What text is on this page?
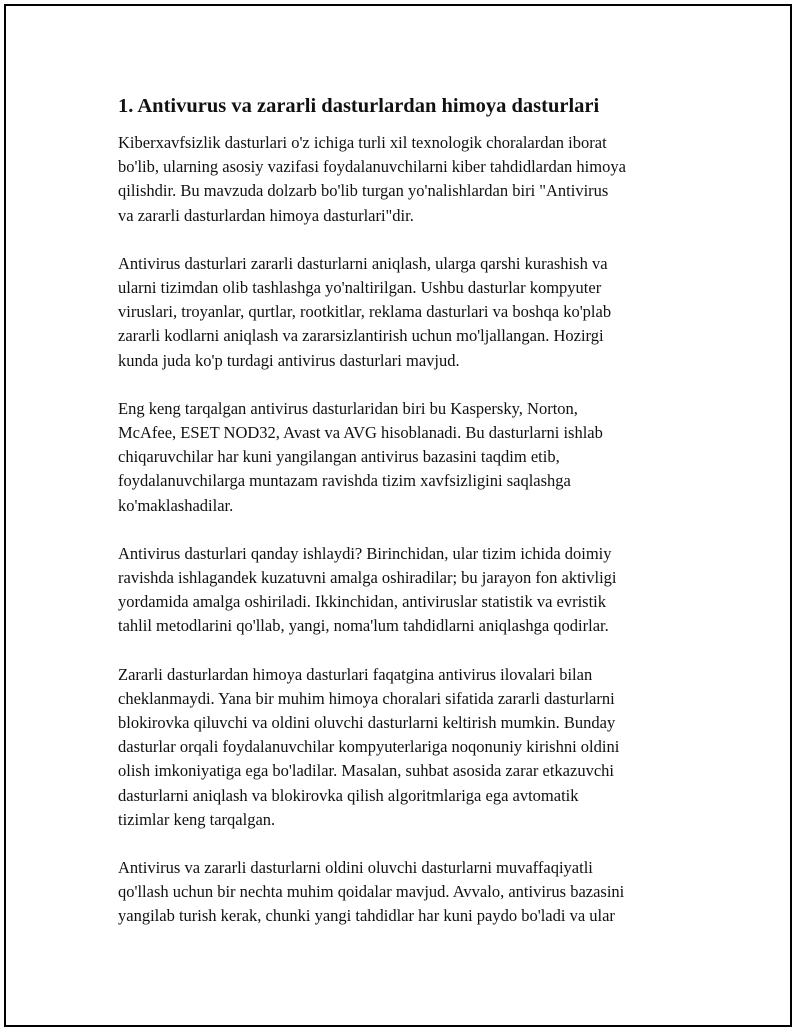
1. Antivurus va zararli dasturlardan himoya dasturlari

Kiberxavfsizlik dasturlari o'z ichiga turli xil texnologik choralardan iborat
bo'lib, ularning asosiy vazifasi foydalanuvchilarni kiber tahdidlardan himoya
qilishdir. Bu mavzuda dolzarb bo'lib turgan yo'nalishlardan biri "Antivirus
va zararli dasturlardan himoya dasturlari"dir.

Antivirus dasturlari zararli dasturlarni aniqlash, ularga qarshi kurashish va
ularni tizimdan olib tashlashga yo'naltirilgan. Ushbu dasturlar kompyuter
viruslari, troyanlar, qurtlar, rootkitlar, reklama dasturlari va boshqa ko'plab
zararli kodlarni aniqlash va zararsizlantirish uchun mo'ljallangan. Hozirgi
kunda juda ko'p turdagi antivirus dasturlari mavjud.

Eng keng tarqalgan antivirus dasturlaridan biri bu Kaspersky, Norton,
McAfee, ESET NOD32, Avast va AVG hisoblanadi. Bu dasturlarni ishlab
chiqaruvchilar har kuni yangilangan antivirus bazasini taqdim etib,
foydalanuvchilarga muntazam ravishda tizim xavfsizligini saqlashga
ko'maklashadilar.

Antivirus dasturlari qanday ishlaydi? Birinchidan, ular tizim ichida doimiy
ravishda ishlagandek kuzatuvni amalga oshiradilar; bu jarayon fon aktivligi
yordamida amalga oshiriladi. Ikkinchidan, antiviruslar statistik va evristik
tahlil metodlarini qo'llab, yangi, noma'lum tahdidlarni aniqlashga qodirlar.

Zararli dasturlardan himoya dasturlari faqatgina antivirus ilovalari bilan
cheklanmaydi. Yana bir muhim himoya choralari sifatida zararli dasturlarni
blokirovka qiluvchi va oldini oluvchi dasturlarni keltirish mumkin. Bunday
dasturlar orqali foydalanuvchilar kompyuterlariga noqonuniy kirishni oldini
olish imkoniyatiga ega bo'ladilar. Masalan, suhbat asosida zarar etkazuvchi
dasturlarni aniqlash va blokirovka qilish algoritmlariga ega avtomatik
tizimlar keng tarqalgan.

Antivirus va zararli dasturlarni oldini oluvchi dasturlarni muvaffaqiyatli
qo'llash uchun bir nechta muhim qoidalar mavjud. Avvalo, antivirus bazasini
yangilab turish kerak, chunki yangi tahdidlar har kuni paydo bo'ladi va ular
